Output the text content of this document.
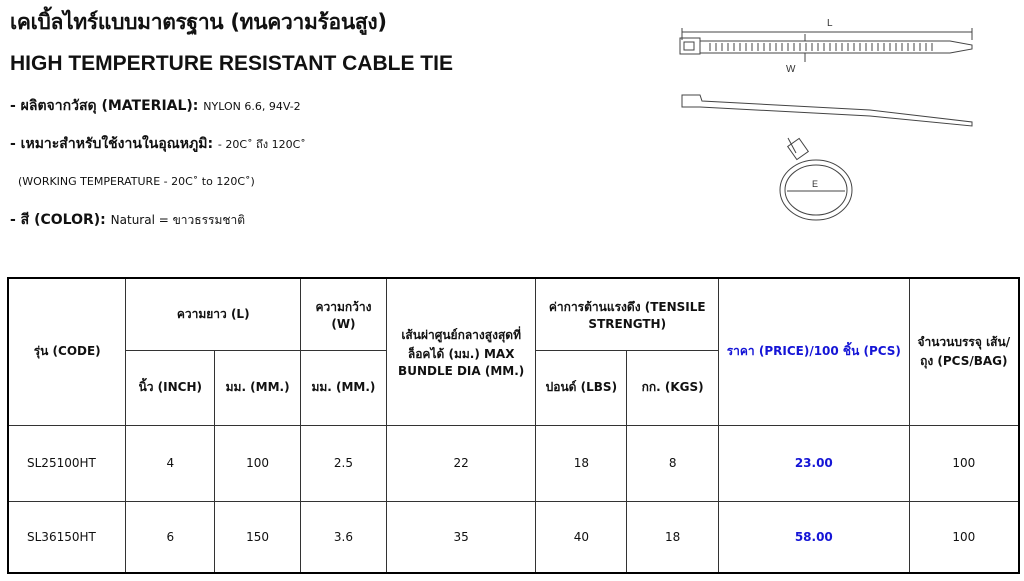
เคเบิ้ลไทร์แบบมาตรฐาน (ทนความร้อนสูง)
HIGH TEMPERTURE RESISTANT CABLE TIE
- ผลิตจากวัสดุ (MATERIAL): NYLON 6.6, 94V-2
- เหมาะสำหรับใช้งานในอุณหภูมิ: - 20C˚ ถึง 120C˚
(WORKING TEMPERATURE - 20C˚ to 120C˚)
- สี (COLOR): Natural = ขาวธรรมชาติ
L
W
E
รุ่น (CODE)	ความยาว (L)		ความกว้าง (W)	เส้นผ่าศูนย์กลางสูงสุดที่ล็อคได้ (มม.) MAX BUNDLE DIA (MM.)	ค่าการต้านแรงดึง (TENSILE STRENGTH)		ราคา (PRICE)/100 ชิ้น (PCS)	จำนวนบรรจุ เส้น/ถุง (PCS/BAG)
	นิ้ว (INCH)	มม. (MM.)	มม. (MM.)		ปอนด์ (LBS)	กก. (KGS)		
SL25100HT	4	100	2.5	22	18	8	23.00	100
SL36150HT	6	150	3.6	35	40	18	58.00	100
